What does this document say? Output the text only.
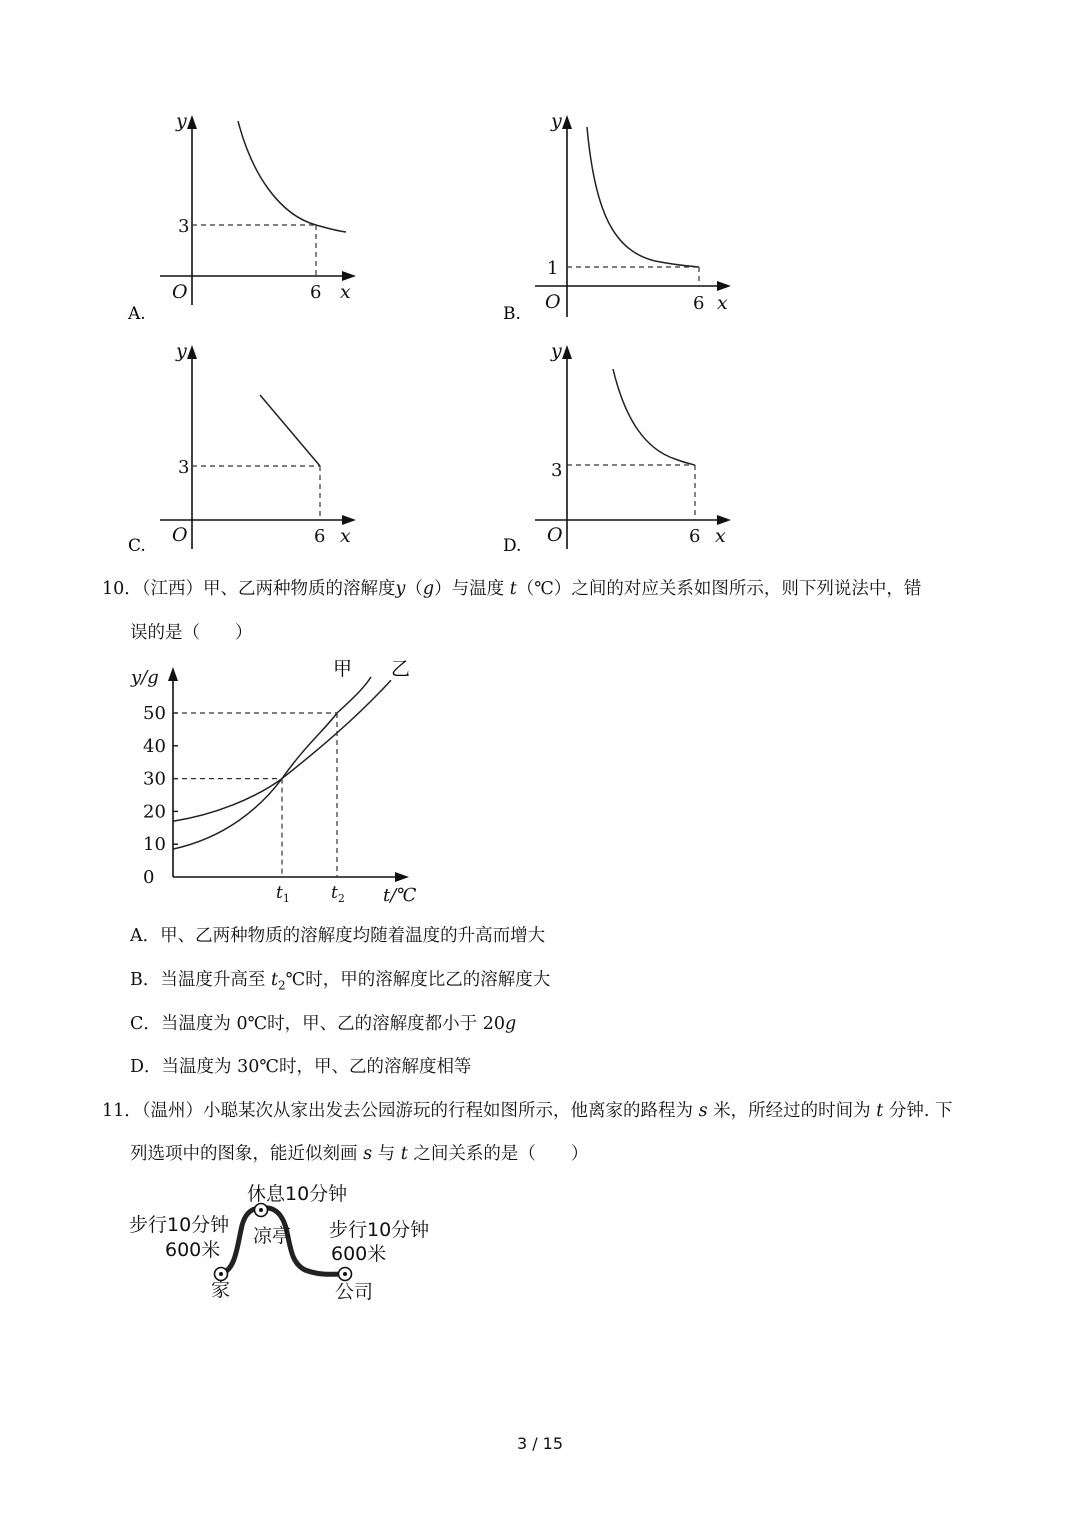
y
3
O	6 x
A.
y
1
O	6 x
B.
y
3
O	6 x
C.
y
3
O	6 x
D.
10．（江西）甲、乙两种物质的溶解度y（g）与温度 t（℃）之间的对应关系如图所示，则下列说法中，错
误的是（　　）
0
10
20
30
40
50
$t_1$ $t_2$
y/g
t/℃
甲 乙
A．甲、乙两种物质的溶解度均随着温度的升高而增大
B．当温度升高至 $t_2℃$时，甲的溶解度比乙的溶解度大
C．当温度为 0℃时，甲、乙的溶解度都小于 20g
D．当温度为 30℃时，甲、乙的溶解度相等
11．（温州）小聪某次从家出发去公园游玩的行程如图所示，他离家的路程为 s 米，所经过的时间为 t 分钟. 下
列选项中的图象，能近似刻画 s 与 t 之间关系的是（　　）
步行10分钟
600米
休息10分钟
凉亭 步行10分钟
600米
家	公司
3 / 15
